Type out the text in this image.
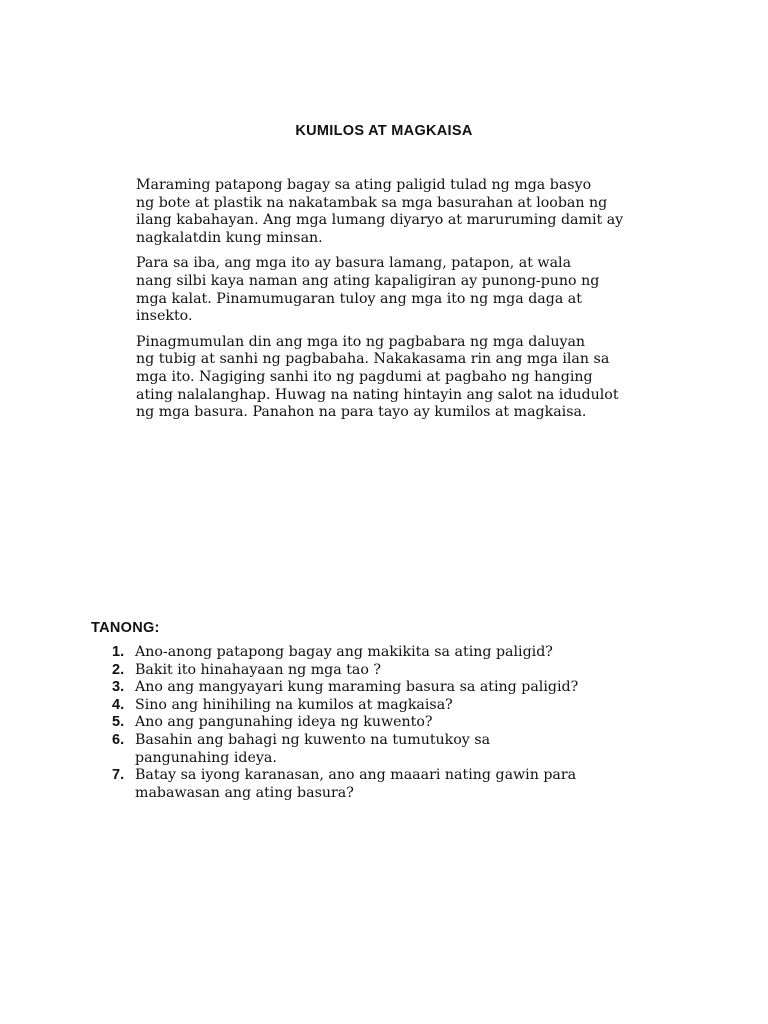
KUMILOS AT MAGKAISA

Maraming patapong bagay sa ating paligid tulad ng mga basyo
ng bote at plastik na nakatambak sa mga basurahan at looban ng
ilang kabahayan. Ang mga lumang diyaryo at maruruming damit ay
nagkalatdin kung minsan.

Para sa iba, ang mga ito ay basura lamang, patapon, at wala
nang silbi kaya naman ang ating kapaligiran ay punong-puno ng
mga kalat. Pinamumugaran tuloy ang mga ito ng mga daga at
insekto.

Pinagmumulan din ang mga ito ng pagbabara ng mga daluyan
ng tubig at sanhi ng pagbabaha. Nakakasama rin ang mga ilan sa
mga ito. Nagiging sanhi ito ng pagdumi at pagbaho ng hanging
ating nalalanghap. Huwag na nating hintayin ang salot na idudulot
ng mga basura. Panahon na para tayo ay kumilos at magkaisa.

TANONG:
1. Ano-anong patapong bagay ang makikita sa ating paligid?
2. Bakit ito hinahayaan ng mga tao ?
3. Ano ang mangyayari kung maraming basura sa ating paligid?
4. Sino ang hinihiling na kumilos at magkaisa?
5. Ano ang pangunahing ideya ng kuwento?
6. Basahin ang bahagi ng kuwento na tumutukoy sa
pangunahing ideya.
7. Batay sa iyong karanasan, ano ang maaari nating gawin para
mabawasan ang ating basura?
